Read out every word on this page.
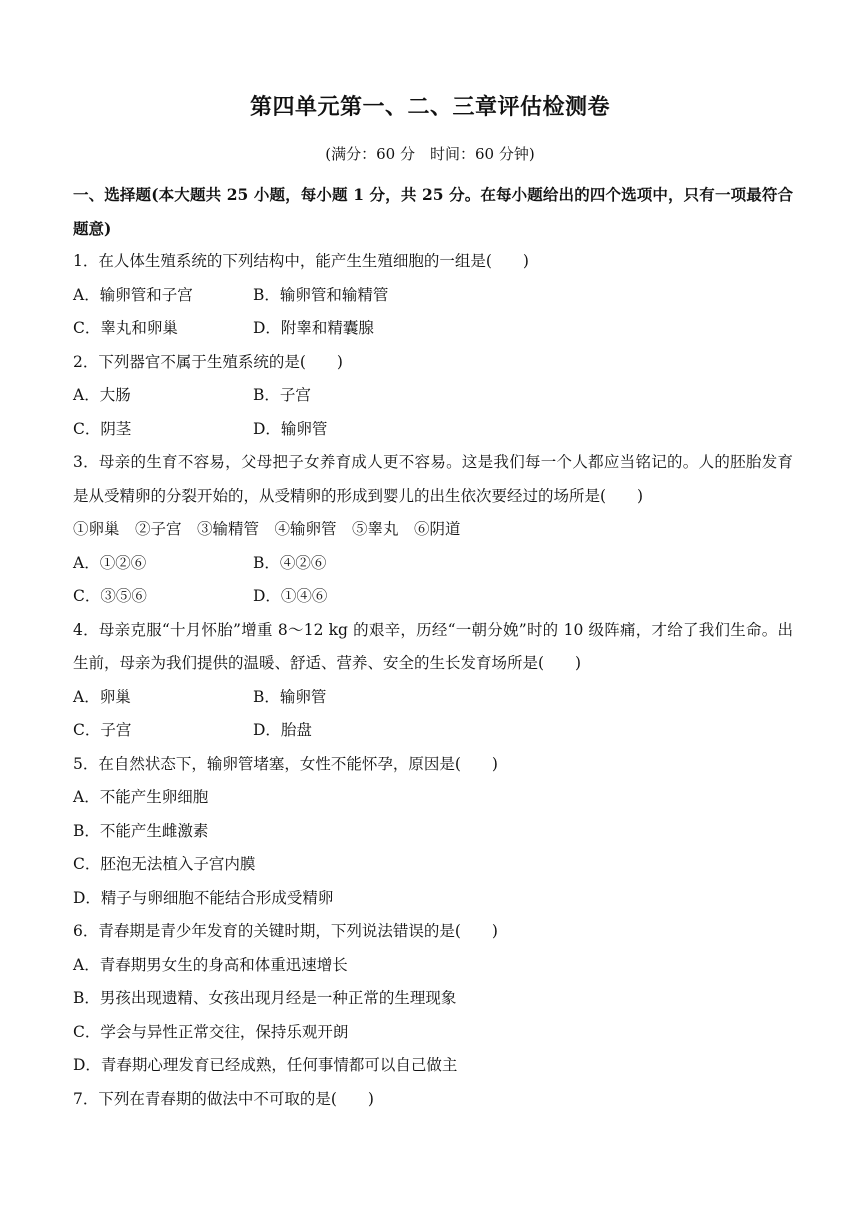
第四单元第一、二、三章评估检测卷
(满分：60 分　时间：60 分钟)
一、选择题(本大题共 25 小题，每小题 1 分，共 25 分。在每小题给出的四个选项中，只有一项最符合题意)
1．在人体生殖系统的下列结构中，能产生生殖细胞的一组是(　　)
A．输卵管和子宫	B．输卵管和输精管
C．睾丸和卵巢	D．附睾和精囊腺
2．下列器官不属于生殖系统的是(　　)
A．大肠	B．子宫
C．阴茎	D．输卵管
3．母亲的生育不容易，父母把子女养育成人更不容易。这是我们每一个人都应当铭记的。人的胚胎发育是从受精卵的分裂开始的，从受精卵的形成到婴儿的出生依次要经过的场所是(　　)
①卵巢　②子宫　③输精管　④输卵管　⑤睾丸　⑥阴道
A．①②⑥	B．④②⑥
C．③⑤⑥	D．①④⑥
4．母亲克服“十月怀胎”增重 8～12 kg 的艰辛，历经“一朝分娩”时的 10 级阵痛，才给了我们生命。出生前，母亲为我们提供的温暖、舒适、营养、安全的生长发育场所是(　　)
A．卵巢	B．输卵管
C．子宫	D．胎盘
5．在自然状态下，输卵管堵塞，女性不能怀孕，原因是(　　)
A．不能产生卵细胞
B．不能产生雌激素
C．胚泡无法植入子宫内膜
D．精子与卵细胞不能结合形成受精卵
6．青春期是青少年发育的关键时期，下列说法错误的是(　　)
A．青春期男女生的身高和体重迅速增长
B．男孩出现遗精、女孩出现月经是一种正常的生理现象
C．学会与异性正常交往，保持乐观开朗
D．青春期心理发育已经成熟，任何事情都可以自己做主
7．下列在青春期的做法中不可取的是(　　)
